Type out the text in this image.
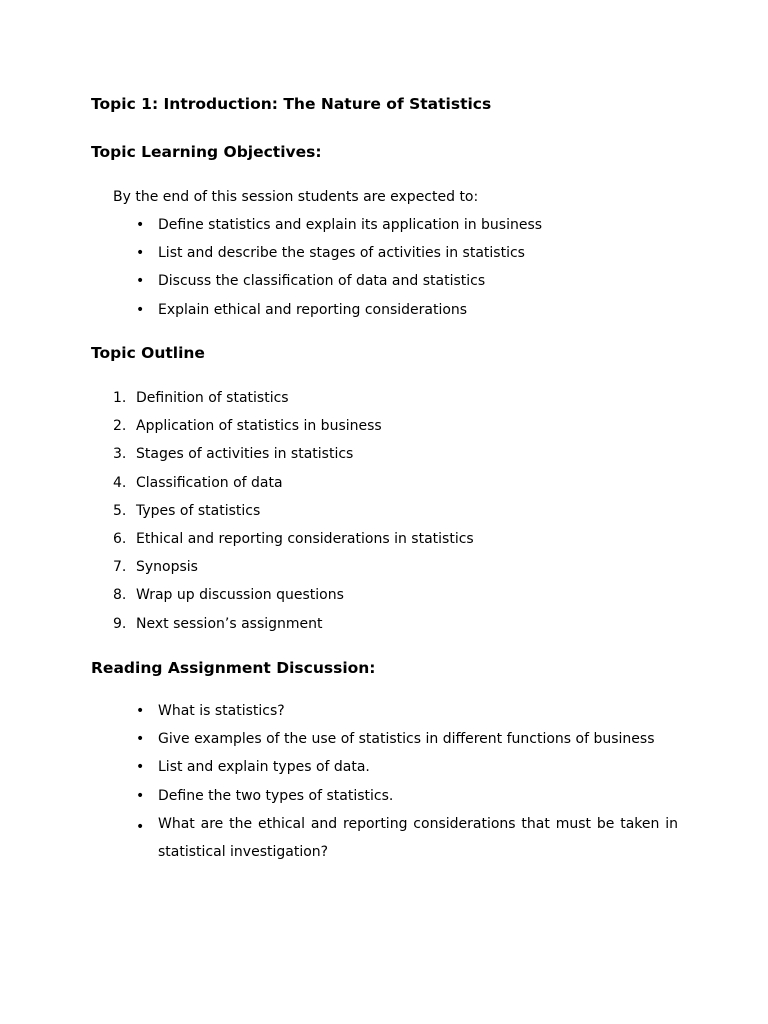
Topic 1: Introduction: The Nature of Statistics
Topic Learning Objectives:

By the end of this session students are expected to:

• Define statistics and explain its application in business
• List and describe the stages of activities in statistics
• Discuss the classification of data and statistics
• Explain ethical and reporting considerations
Topic Outline
1. Definition of statistics
2. Application of statistics in business
3. Stages of activities in statistics
4. Classification of data
5. Types of statistics
6. Ethical and reporting considerations in statistics
7. Synopsis
8. Wrap up discussion questions
9. Next session’s assignment
Reading Assignment Discussion:
• What is statistics?
• Give examples of the use of statistics in different functions of business
• List and explain types of data.
• Define the two types of statistics.
• What are the ethical and reporting considerations that must be taken in statistical investigation?
